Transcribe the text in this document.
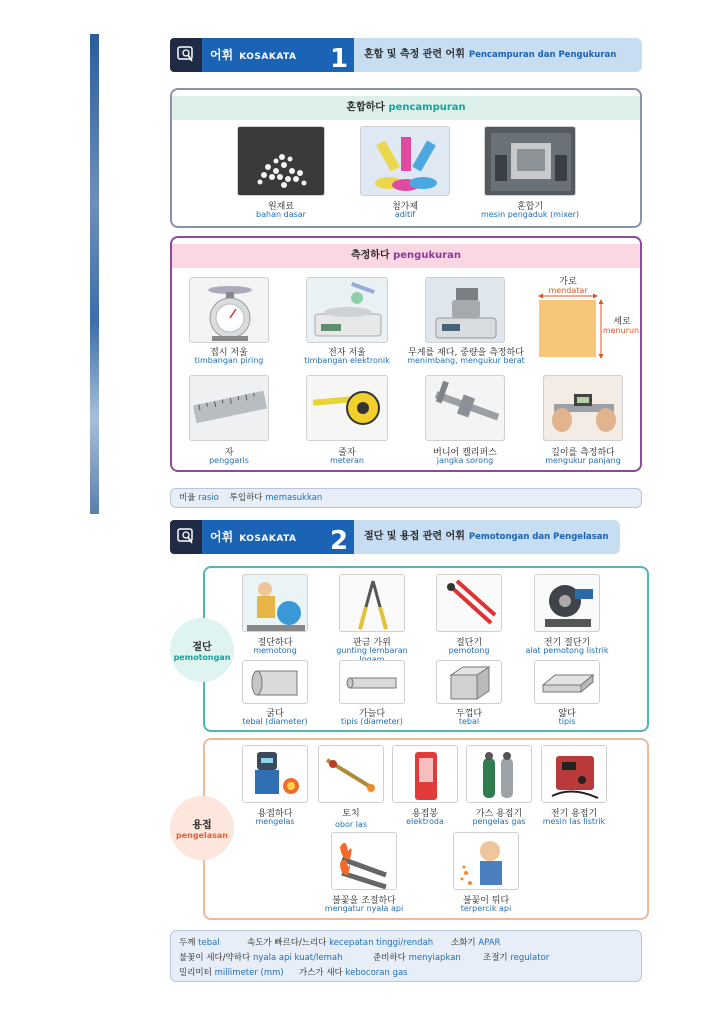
어휘 KOSAKATA	1	혼합 및 측정 관련 어휘 Pencampuran dan Pengukuran
혼합하다 pencampuran
원재료
bahan dasar
첨가제
aditif
혼합기
mesin pengaduk (mixer)
측정하다 pengukuran
가로
mendatar
세로
menurun
접시 저울
timbangan piring
전자 저울
timbangan elektronik
무게를 재다, 중량을 측정하다
menimbang, mengukur berat
자
penggaris
줄자
meteran
버니어 캘리퍼스
jangka sorong
길이를 측정하다
mengukur panjang
비율 rasio 투입하다 memasukkan
어휘 KOSAKATA	2	절단 및 용접 관련 어휘 Pemotongan dan Pengelasan
절단
pemotongan
절단하다
memotong
판금 가위
gunting lembaran
절단기
pemotong
전기 절단기
alat pemotong listrik
굵다
tebal (diameter)
가늘다
tipis (diameter)
두껍다
tebal
얇다
tipis
용접
pengelasan
용접하다
mengelas
토치
obor las
용접봉
elektroda
가스 용접기
pengelas gas
전기 용접기
mesin las listrik
불꽃을 조절하다
mengatur nyala api
불꽃이 튀다
terpercik api
두께 tebal	속도가 빠르다/느리다 kecepatan tinggi/rendah 소화기 APAR
불꽃이 세다/약하다 nyala api kuat/lemah	준비하다 menyiapkan	조절기 regulator
밀리미터 millimeter (mm) 가스가 새다 kebocoran gas
